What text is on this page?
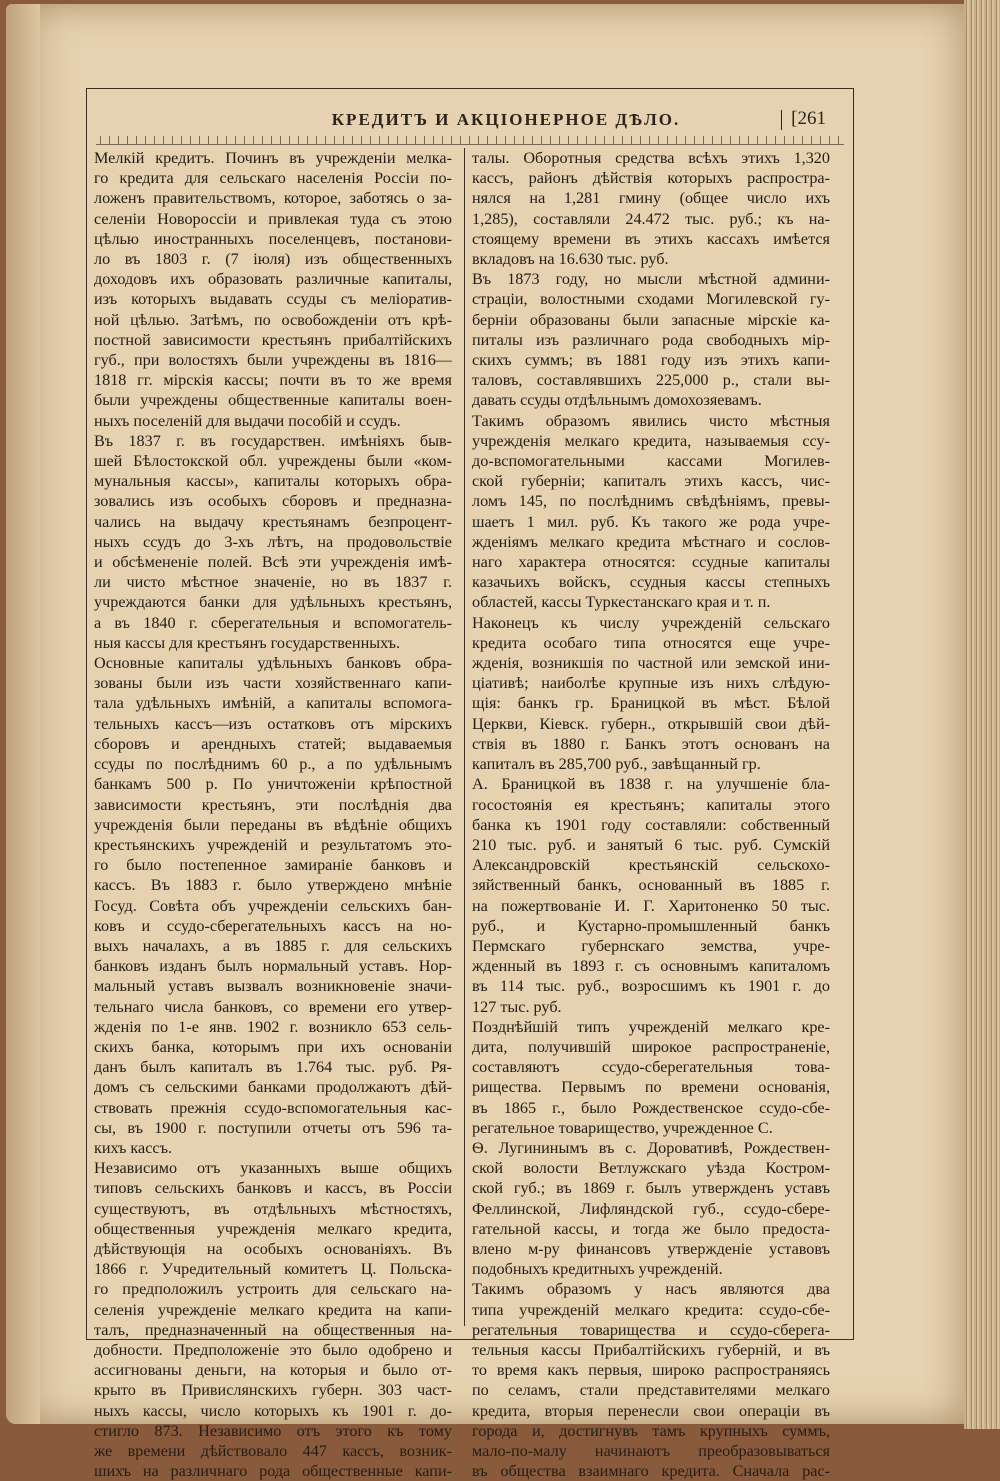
КРЕДИТЪ И АКЦIОНЕРНОЕ ДѢЛО.	[261
Мелкiй кредитъ. Починъ въ учрежденiи мелка-
го кредита для сельскаго населенiя Россiи по-
ложенъ правительствомъ, которое, заботясь о за-
селенiи Новороссiи и привлекая туда съ этою
цѣлью иностранныхъ поселенцевъ, постанови-
ло въ 1803 г. (7 iюля) изъ общественныхъ
доходовъ ихъ образовать различные капиталы,
изъ которыхъ выдавать ссуды съ мелiоратив-
ной цѣлью. Затѣмъ, по освобожденiи отъ крѣ-
постной зависимости крестьянъ прибалтiйскихъ
губ., при волостяхъ были учреждены въ 1816—
1818 гг. мiрскiя кассы; почти въ то же время
были учреждены общественные капиталы воен-
ныхъ поселенiй для выдачи пособiй и ссудъ.
Въ 1837 г. въ государствен. имѣнiяхъ быв-
шей Бѣлостокской обл. учреждены были «ком-
мунальныя кассы», капиталы которыхъ обра-
зовались изъ особыхъ сборовъ и предназна-
чались на выдачу крестьянамъ безпроцент-
ныхъ ссудъ до 3-хъ лѣтъ, на продовольствiе
и обсѣмененiе полей. Всѣ эти учрежденiя имѣ-
ли чисто мѣстное значенiе, но въ 1837 г.
учреждаются банки для удѣльныхъ крестьянъ,
а въ 1840 г. сберегательныя и вспомогатель-
ныя кассы для крестьянъ государственныхъ.
Основные капиталы удѣльныхъ банковъ обра-
зованы были изъ части хозяйственнаго капи-
тала удѣльныхъ имѣнiй, а капиталы вспомога-
тельныхъ кассъ—изъ остатковъ отъ мiрскихъ
сборовъ и арендныхъ статей; выдаваемыя
ссуды по послѣднимъ 60 р., а по удѣльнымъ
банкамъ 500 р. По уничтоженiи крѣпостной
зависимости крестьянъ, эти послѣднiя два
учрежденiя были переданы въ вѣдѣнiе общихъ
крестьянскихъ учрежденiй и результатомъ это-
го было постепенное замиранiе банковъ и
кассъ. Въ 1883 г. было утверждено мнѣнiе
Госуд. Совѣта объ учрежденiи сельскихъ бан-
ковъ и ссудо-сберегательныхъ кассъ на но-
выхъ началахъ, а въ 1885 г. для сельскихъ
банковъ изданъ былъ нормальный уставъ. Нор-
мальный уставъ вызвалъ возникновенiе значи-
тельнаго числа банковъ, со времени его утвер-
жденiя по 1-е янв. 1902 г. возникло 653 сель-
скихъ банка, которымъ при ихъ основанiи
данъ былъ капиталъ въ 1.764 тыс. руб. Ря-
домъ съ сельскими банками продолжаютъ дѣй-
ствовать прежнiя ссудо-вспомогательныя кас-
сы, въ 1900 г. поступили отчеты отъ 596 та-
кихъ кассъ.
Независимо отъ указанныхъ выше общихъ
типовъ сельскихъ банковъ и кассъ, въ Россiи
существуютъ, въ отдѣльныхъ мѣстностяхъ,
общественныя учрежденiя мелкаго кредита,
дѣйствующiя на особыхъ основанiяхъ. Въ
1866 г. Учредительный комитетъ Ц. Польска-
го предположилъ устроить для сельскаго на-
селенiя учрежденiе мелкаго кредита на капи-
талъ, предназначенный на общественныя на-
добности. Предположенiе это было одобрено и
ассигнованы деньги, на которыя и было от-
крыто въ Привислянскихъ губерн. 303 част-
ныхъ кассы, число которыхъ къ 1901 г. до-
стигло 873. Независимо отъ этого къ тому
же времени дѣйствовало 447 кассъ, возник-
шихъ на различнаго рода общественные капи-
талы. Оборотныя средства всѣхъ этихъ 1,320
кассъ, районъ дѣйствiя которыхъ распростра-
нялся на 1,281 гмину (общее число ихъ
1,285), составляли 24.472 тыс. руб.; къ на-
стоящему времени въ этихъ кассахъ имѣется
вкладовъ на 16.630 тыс. руб.
Въ 1873 году, но мысли мѣстной админи-
страцiи, волостными сходами Могилевской гу-
бернiи образованы были запасные мiрскiе ка-
питалы изъ различнаго рода свободныхъ мiр-
скихъ суммъ; въ 1881 году изъ этихъ капи-
таловъ, составлявшихъ 225,000 р., стали вы-
давать ссуды отдѣльнымъ домохозяевамъ.
Такимъ образомъ явились чисто мѣстныя
учрежденiя мелкаго кредита, называемыя ссу-
до-вспомогательными кассами Могилев-
ской губернiи; капиталъ этихъ кассъ, чис-
ломъ 145, по послѣднимъ свѣдѣнiямъ, превы-
шаетъ 1 мил. руб. Къ такого же рода учре-
жденiямъ мелкаго кредита мѣстнаго и сослов-
наго характера относятся: ссудные капиталы
казачьихъ войскъ, ссудныя кассы степныхъ
областей, кассы Туркестанскаго края и т. п.
Наконецъ къ числу учрежденiй сельскаго
кредита особаго типа относятся еще учре-
жденiя, возникшiя по частной или земской ини-
цiативѣ; наиболѣе крупные изъ нихъ слѣдую-
щiя: банкъ гр. Браницкой въ мѣст. Бѣлой
Церкви, Кiевск. губерн., открывшiй свои дѣй-
ствiя въ 1880 г. Банкъ этотъ основанъ на
капиталъ въ 285,700 руб., завѣщанный гр.
А. Браницкой въ 1838 г. на улучшенiе бла-
госостоянiя ея крестьянъ; капиталы этого
банка къ 1901 году составляли: собственный
210 тыс. руб. и занятый 6 тыс. руб. Сумскiй
Александровскiй крестьянскiй сельскохо-
зяйственный банкъ, основанный въ 1885 г.
на пожертвованiе И. Г. Харитоненко 50 тыс.
руб., и Кустарно-промышленный банкъ
Пермскаго губернскаго земства, учре-
жденный въ 1893 г. съ основнымъ капиталомъ
въ 114 тыс. руб., возросшимъ къ 1901 г. до
127 тыс. руб.
Позднѣйшiй типъ учрежденiй мелкаго кре-
дита, получившiй широкое распространенiе,
составляютъ ссудо-сберегательныя това-
рищества. Первымъ по времени основанiя,
въ 1865 г., было Рождественское ссудо-сбе-
регательное товарищество, учрежденное С.
Ѳ. Лугининымъ въ с. Доровативѣ, Рождествен-
ской волости Ветлужскаго уѣзда Костром-
ской губ.; въ 1869 г. былъ утвержденъ уставъ
Феллинской, Лифляндской губ., ссудо-сбере-
гательной кассы, и тогда же было предоста-
влено м-ру финансовъ утвержденiе уставовъ
подобныхъ кредитныхъ учрежденiй.
Такимъ образомъ у насъ являются два
типа учрежденiй мелкаго кредита: ссудо-сбе-
регательныя товарищества и ссудо-сберега-
тельныя кассы Прибалтiйскихъ губернiй, и въ
то время какъ первыя, широко распространяясь
по селамъ, стали представителями мелкаго
кредита, вторыя перенесли свои операцiи въ
города и, достигнувъ тамъ крупныхъ суммъ,
мало-по-малу начинаютъ преобразовываться
въ общества взаимнаго кредита. Сначала рас-
